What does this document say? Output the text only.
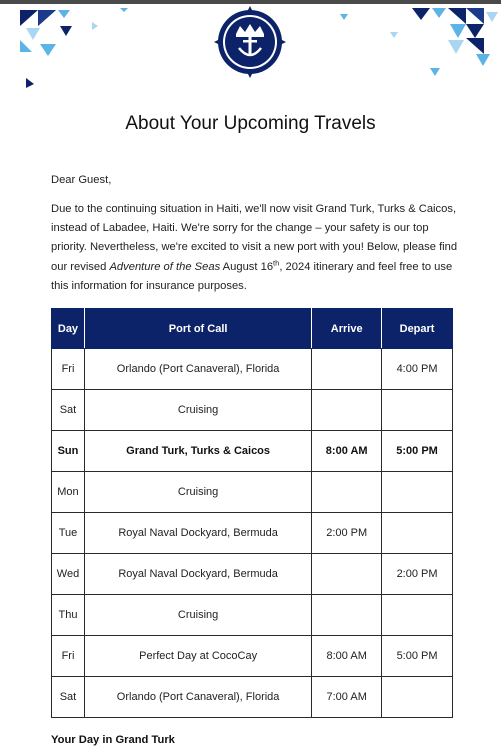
About Your Upcoming Travels
Dear Guest,
Due to the continuing situation in Haiti, we'll now visit Grand Turk, Turks & Caicos, instead of Labadee, Haiti. We're sorry for the change – your safety is our top priority. Nevertheless, we're excited to visit a new port with you! Below, please find our revised Adventure of the Seas August 16th, 2024 itinerary and feel free to use this information for insurance purposes.
Day	Port of Call	Arrive	Depart
Fri	Orlando (Port Canaveral), Florida		4:00 PM
Sat	Cruising		
Sun	Grand Turk, Turks & Caicos	8:00 AM	5:00 PM
Mon	Cruising		
Tue	Royal Naval Dockyard, Bermuda	2:00 PM	
Wed	Royal Naval Dockyard, Bermuda		2:00 PM
Thu	Cruising		
Fri	Perfect Day at CocoCay	8:00 AM	5:00 PM
Sat	Orlando (Port Canaveral), Florida	7:00 AM	
Your Day in Grand Turk
